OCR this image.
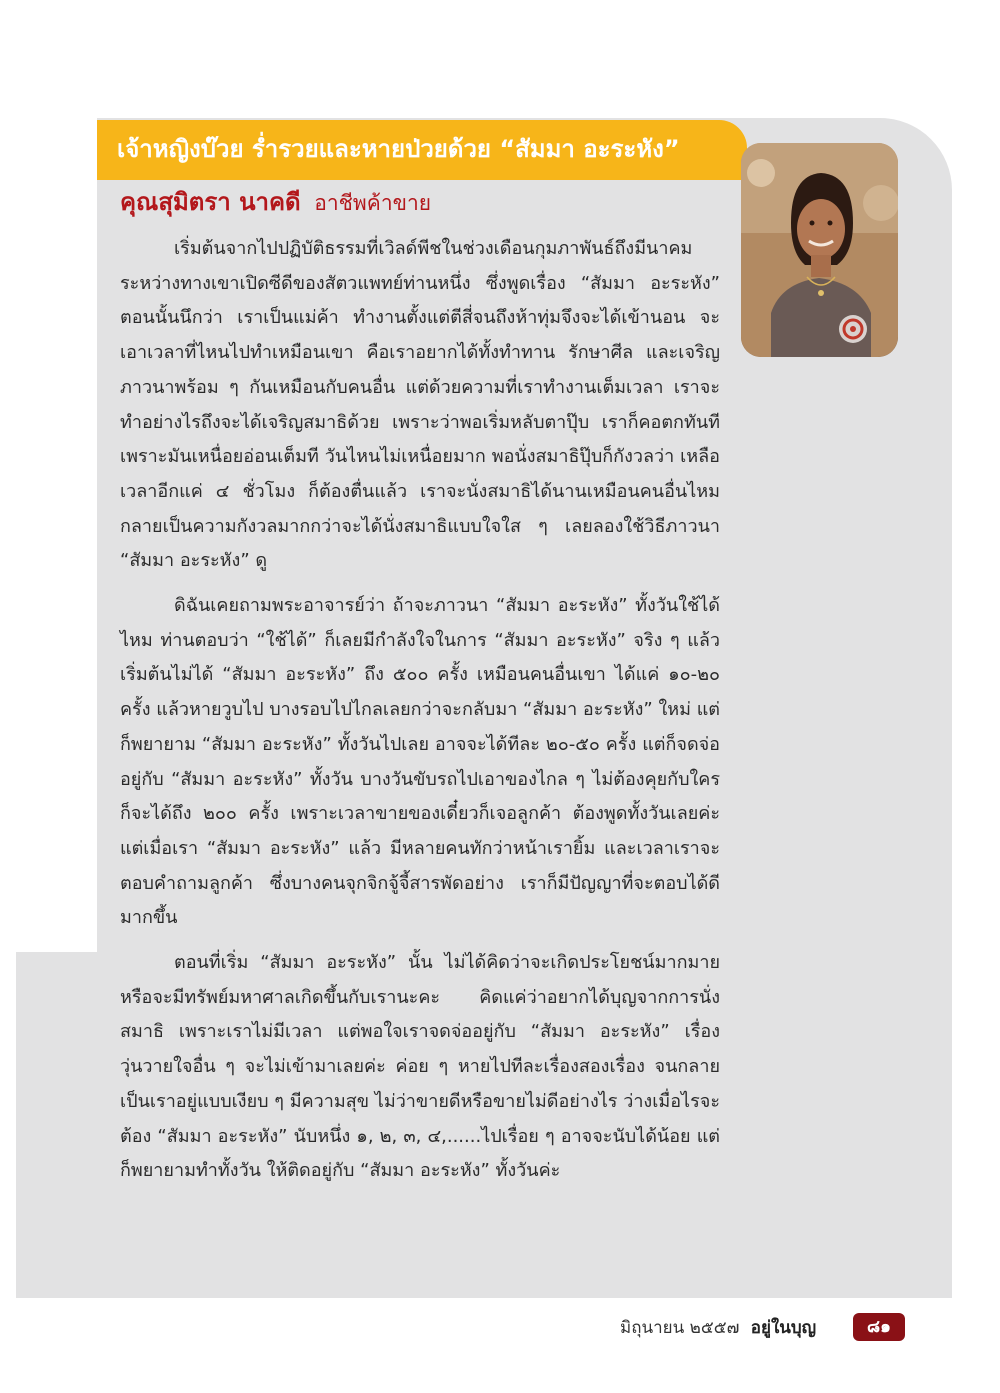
เจ้าหญิงบ๊วย ร่ำรวยและหายป่วยด้วย “สัมมา อะระหัง”
คุณสุมิตรา นาคดี อาชีพค้าขาย

เริ่มต้นจากไปปฏิบัติธรรมที่เวิลด์พีชในช่วงเดือนกุมภาพันธ์ถึงมีนาคม ระหว่างทางเขาเปิดซีดีของสัตวแพทย์ท่านหนึ่ง ซึ่งพูดเรื่อง “สัมมา อะระหัง” ตอนนั้นนึกว่า เราเป็นแม่ค้า ทำงานตั้งแต่ตีสี่จนถึงห้าทุ่มจึงจะได้เข้านอน จะเอาเวลาที่ไหนไปทำเหมือนเขา คือเราอยากได้ทั้งทำทาน รักษาศีล และเจริญภาวนาพร้อม ๆ กันเหมือนกับคนอื่น แต่ด้วยความที่เราทำงานเต็มเวลา เราจะทำอย่างไรถึงจะได้เจริญสมาธิด้วย เพราะว่าพอเริ่มหลับตาปุ๊บ เราก็คอตกทันที เพราะมันเหนื่อยอ่อนเต็มที วันไหนไม่เหนื่อยมาก พอนั่งสมาธิปุ๊บก็กังวลว่า เหลือเวลาอีกแค่ ๔ ชั่วโมง ก็ต้องตื่นแล้ว เราจะนั่งสมาธิได้นานเหมือนคนอื่นไหม กลายเป็นความกังวลมากกว่าจะได้นั่งสมาธิแบบใจใส ๆ เลยลองใช้วิธีภาวนา “สัมมา อะระหัง” ดู

ดิฉันเคยถามพระอาจารย์ว่า ถ้าจะภาวนา “สัมมา อะระหัง” ทั้งวันใช้ได้ไหม ท่านตอบว่า “ใช้ได้” ก็เลยมีกำลังใจในการ “สัมมา อะระหัง” จริง ๆ แล้วเริ่มต้นไม่ได้ “สัมมา อะระหัง” ถึง ๕๐๐ ครั้ง เหมือนคนอื่นเขา ได้แค่ ๑๐-๒๐ ครั้ง แล้วหายวูบไป บางรอบไปไกลเลยกว่าจะกลับมา “สัมมา อะระหัง” ใหม่ แต่ก็พยายาม “สัมมา อะระหัง” ทั้งวันไปเลย อาจจะได้ทีละ ๒๐-๕๐ ครั้ง แต่ก็จดจ่ออยู่กับ “สัมมา อะระหัง” ทั้งวัน บางวันขับรถไปเอาของไกล ๆ ไม่ต้องคุยกับใครก็จะได้ถึง ๒๐๐ ครั้ง เพราะเวลาขายของเดี๋ยวก็เจอลูกค้า ต้องพูดทั้งวันเลยค่ะ แต่เมื่อเรา “สัมมา อะระหัง” แล้ว มีหลายคนทักว่าหน้าเรายิ้ม และเวลาเราจะตอบคำถามลูกค้า ซึ่งบางคนจุกจิกจู้จี้สารพัดอย่าง เราก็มีปัญญาที่จะตอบได้ดีมากขึ้น

ตอนที่เริ่ม “สัมมา อะระหัง” นั้น ไม่ได้คิดว่าจะเกิดประโยชน์มากมายหรือจะมีทรัพย์มหาศาลเกิดขึ้นกับเรานะคะ คิดแค่ว่าอยากได้บุญจากการนั่งสมาธิ เพราะเราไม่มีเวลา แต่พอใจเราจดจ่ออยู่กับ “สัมมา อะระหัง” เรื่องวุ่นวายใจอื่น ๆ จะไม่เข้ามาเลยค่ะ ค่อย ๆ หายไปทีละเรื่องสองเรื่อง จนกลายเป็นเราอยู่แบบเงียบ ๆ มีความสุข ไม่ว่าขายดีหรือขายไม่ดีอย่างไร ว่างเมื่อไรจะต้อง “สัมมา อะระหัง” นับหนึ่ง ๑, ๒, ๓, ๔,......ไปเรื่อย ๆ อาจจะนับได้น้อย แต่ก็พยายามทำทั้งวัน ให้ติดอยู่กับ “สัมมา อะระหัง” ทั้งวันค่ะ

มิถุนายน ๒๕๕๗ อยู่ในบุญ	๘๑
